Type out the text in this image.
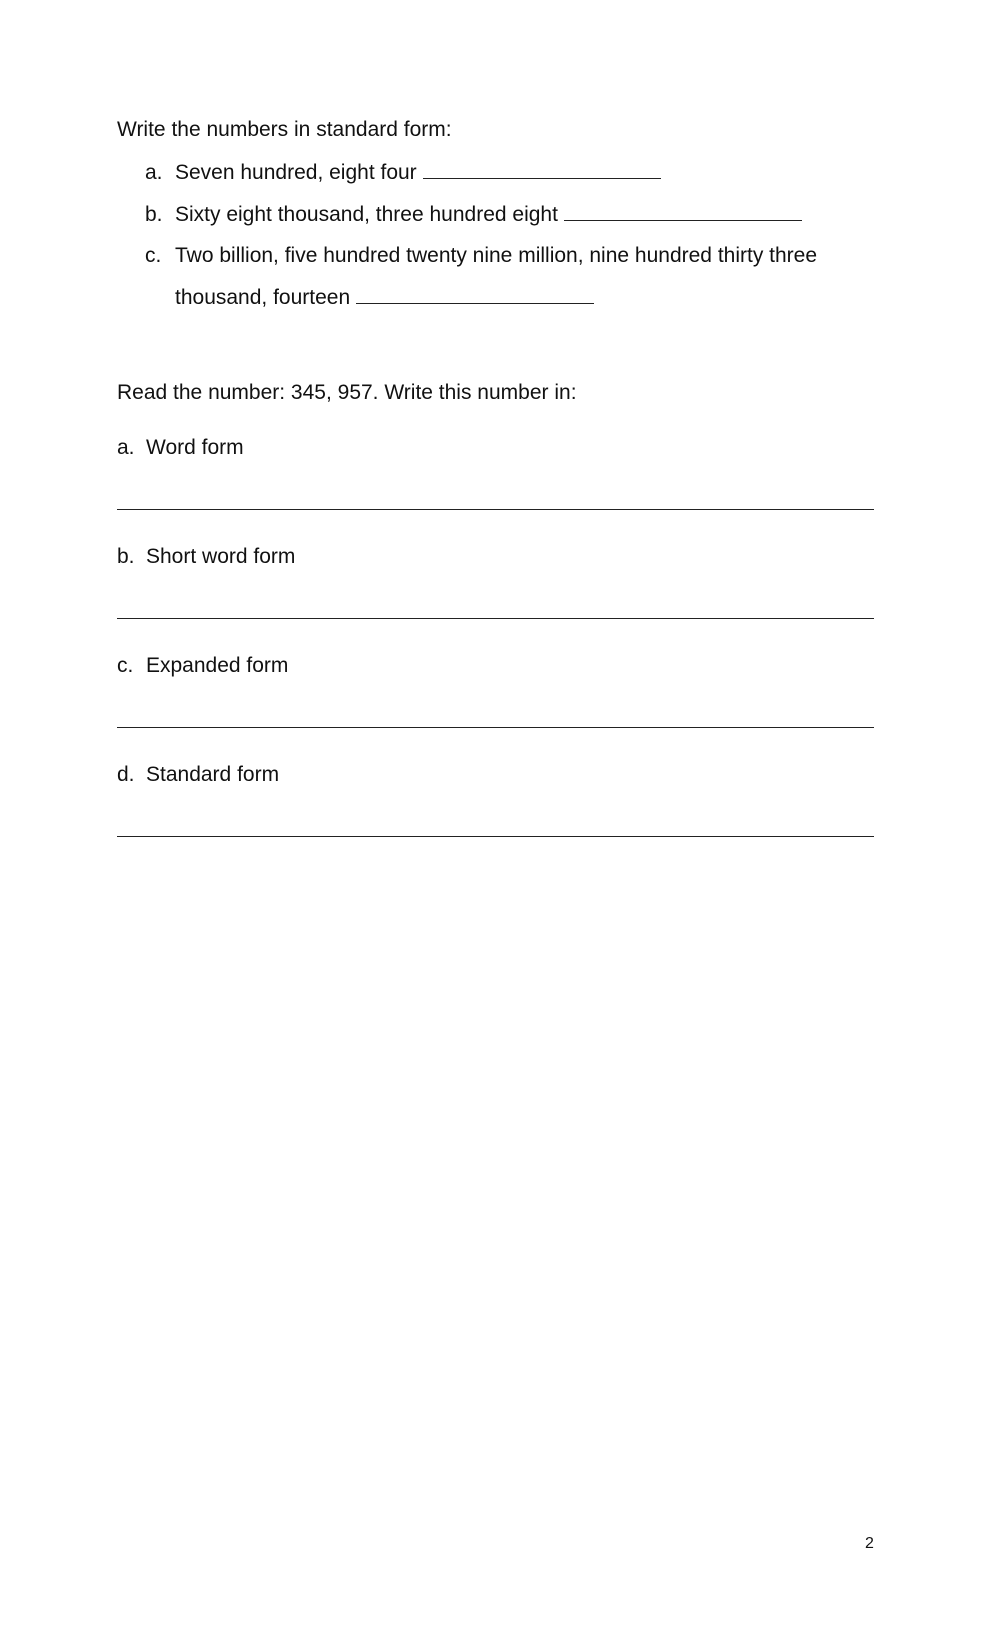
Write the numbers in standard form:
a. Seven hundred, eight four
b. Sixty eight thousand, three hundred eight
c. Two billion, five hundred twenty nine million, nine hundred thirty three
thousand, fourteen
Read the number: 345, 957. Write this number in:
a. Word form
b. Short word form
c. Expanded form
d. Standard form
2
